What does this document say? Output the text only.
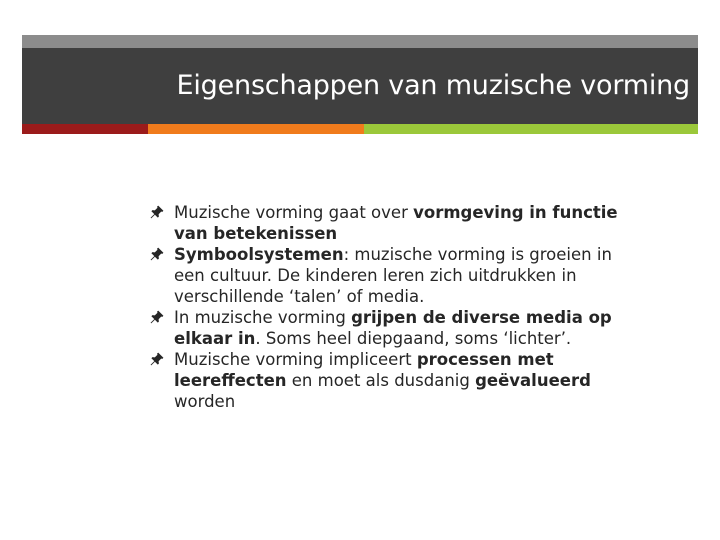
Eigenschappen van muzische vorming
Muzische vorming gaat over vormgeving in functie van betekenissen
Symboolsystemen: muzische vorming is groeien in een cultuur. De kinderen leren zich uitdrukken in verschillende ‘talen’ of media.
In muzische vorming grijpen de diverse media op elkaar in. Soms heel diepgaand, soms ‘lichter’.
Muzische vorming impliceert processen met leereffecten en moet als dusdanig geëvalueerd worden
